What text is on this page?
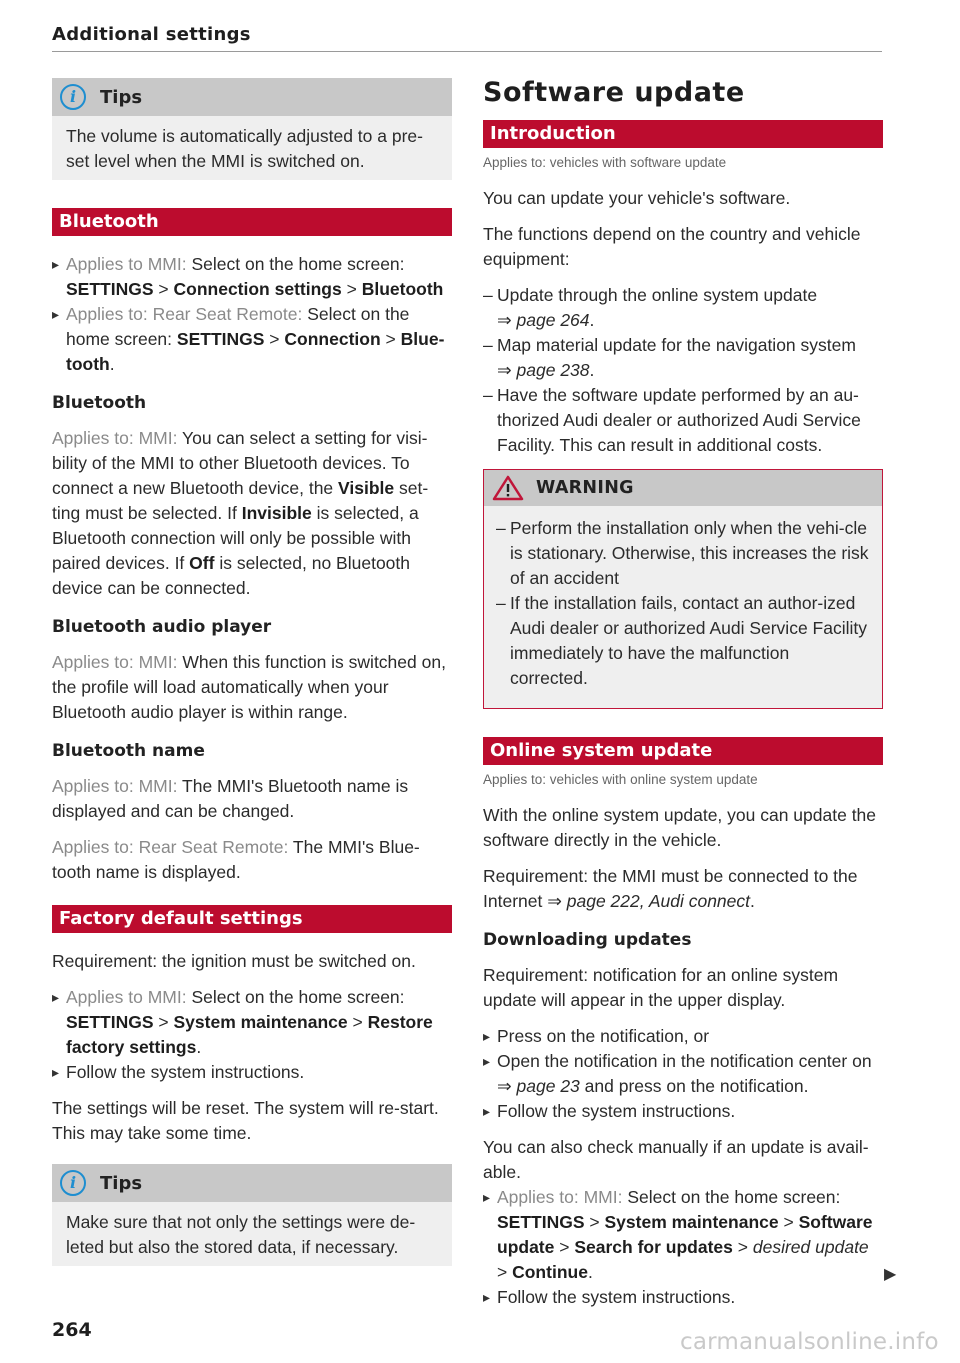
Additional settings
i	Tips
The volume is automatically adjusted to a pre-set level when the MMI is switched on.
Bluetooth
▸ Applies to MMI: Select on the home screen:
SETTINGS > Connection settings > Bluetooth
▸ Applies to: Rear Seat Remote: Select on the home screen: SETTINGS > Connection > Blue-tooth.
Bluetooth

Applies to: MMI: You can select a setting for visi-bility of the MMI to other Bluetooth devices. To connect a new Bluetooth device, the Visible set-ting must be selected. If Invisible is selected, a Bluetooth connection will only be possible with paired devices. If Off is selected, no Bluetooth device can be connected.

Bluetooth audio player

Applies to: MMI: When this function is switched on, the profile will load automatically when your Bluetooth audio player is within range.

Bluetooth name

Applies to: MMI: The MMI's Bluetooth name is displayed and can be changed.

Applies to: Rear Seat Remote: The MMI's Blue-tooth name is displayed.

Factory default settings

Requirement: the ignition must be switched on.

▸ Applies to MMI: Select on the home screen:
SETTINGS > System maintenance > Restore factory settings.
▸ Follow the system instructions.

The settings will be reset. The system will re-start. This may take some time.

i	Tips
Make sure that not only the settings were de-leted but also the stored data, if necessary.
Software update
Introduction
Applies to: vehicles with software update

You can update your vehicle's software.

The functions depend on the country and vehicle equipment:

– Update through the online system update
⇒ page 264.
– Map material update for the navigation system
⇒ page 238.
– Have the software update performed by an au-thorized Audi dealer or authorized Audi Service Facility. This can result in additional costs.
WARNING
– Perform the installation only when the vehi-cle is stationary. Otherwise, this increases the risk of an accident
– If the installation fails, contact an author-ized Audi dealer or authorized Audi Service Facility immediately to have the malfunction corrected.
Online system update
Applies to: vehicles with online system update

With the online system update, you can update the software directly in the vehicle.

Requirement: the MMI must be connected to the Internet ⇒ page 222, Audi connect.

Downloading updates

Requirement: notification for an online system update will appear in the upper display.

▸ Press on the notification, or
▸ Open the notification in the notification center on ⇒ page 23 and press on the notification.
▸ Follow the system instructions.

You can also check manually if an update is avail-able.

▸ Applies to: MMI: Select on the home screen:
SETTINGS > System maintenance > Software update > Search for updates > desired update > Continue.
▸ Follow the system instructions.
▶
264	carmanualsonline.info
